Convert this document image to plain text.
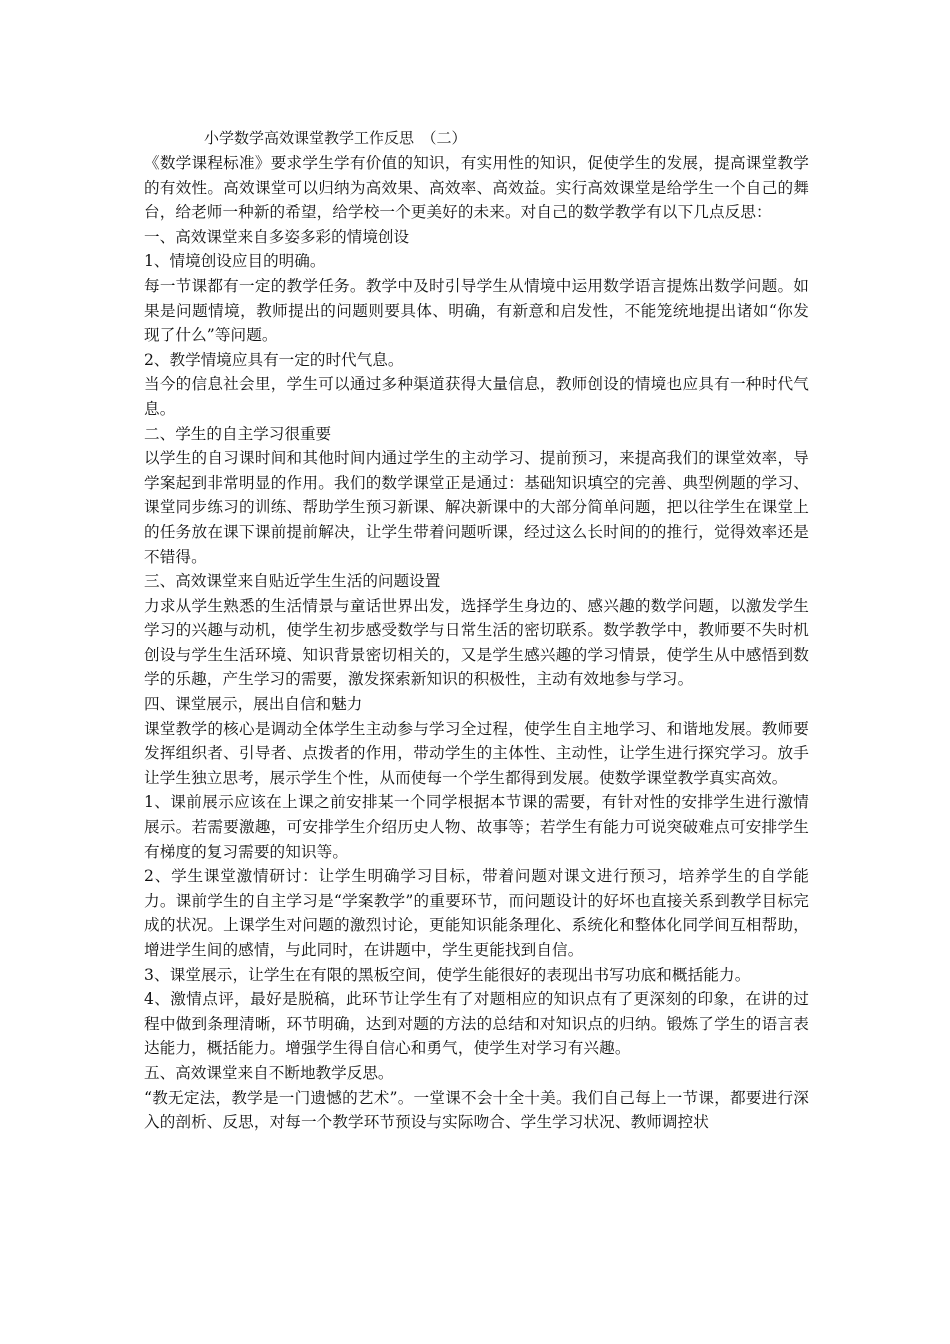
小学数学高效课堂教学工作反思　（二）
《数学课程标准》要求学生学有价值的知识，有实用性的知识，促使学生的发展，提高课堂教学的有效性。高效课堂可以归纳为高效果、高效率、高效益。实行高效课堂是给学生一个自己的舞台，给老师一种新的希望，给学校一个更美好的未来。对自己的数学教学有以下几点反思：
一、高效课堂来自多姿多彩的情境创设
1、情境创设应目的明确。
每一节课都有一定的教学任务。教学中及时引导学生从情境中运用数学语言提炼出数学问题。如果是问题情境，教师提出的问题则要具体、明确，有新意和启发性，不能笼统地提出诸如“你发现了什么”等问题。
2、教学情境应具有一定的时代气息。
当今的信息社会里，学生可以通过多种渠道获得大量信息，教师创设的情境也应具有一种时代气息。
二、学生的自主学习很重要
以学生的自习课时间和其他时间内通过学生的主动学习、提前预习，来提高我们的课堂效率，导学案起到非常明显的作用。我们的数学课堂正是通过：基础知识填空的完善、典型例题的学习、课堂同步练习的训练、帮助学生预习新课、解决新课中的大部分简单问题，把以往学生在课堂上的任务放在课下课前提前解决，让学生带着问题听课，经过这么长时间的的推行，觉得效率还是不错得。
三、高效课堂来自贴近学生生活的问题设置
力求从学生熟悉的生活情景与童话世界出发，选择学生身边的、感兴趣的数学问题，以激发学生学习的兴趣与动机，使学生初步感受数学与日常生活的密切联系。数学教学中，教师要不失时机创设与学生生活环境、知识背景密切相关的，又是学生感兴趣的学习情景，使学生从中感悟到数学的乐趣，产生学习的需要，激发探索新知识的积极性，主动有效地参与学习。
四、课堂展示，展出自信和魅力
课堂教学的核心是调动全体学生主动参与学习全过程，使学生自主地学习、和谐地发展。教师要发挥组织者、引导者、点拨者的作用，带动学生的主体性、主动性，让学生进行探究学习。放手让学生独立思考，展示学生个性，从而使每一个学生都得到发展。使数学课堂教学真实高效。
1、课前展示应该在上课之前安排某一个同学根据本节课的需要，有针对性的安排学生进行激情展示。若需要激趣，可安排学生介绍历史人物、故事等；若学生有能力可说突破难点可安排学生有梯度的复习需要的知识等。
2、学生课堂激情研讨：让学生明确学习目标，带着问题对课文进行预习，培养学生的自学能力。课前学生的自主学习是“学案教学”的重要环节，而问题设计的好坏也直接关系到教学目标完成的状况。上课学生对问题的激烈讨论，更能知识能条理化、系统化和整体化同学间互相帮助，增进学生间的感情，与此同时，在讲题中，学生更能找到自信。
3、课堂展示，让学生在有限的黑板空间，使学生能很好的表现出书写功底和概括能力。
4、激情点评，最好是脱稿，此环节让学生有了对题相应的知识点有了更深刻的印象，在讲的过程中做到条理清晰，环节明确，达到对题的方法的总结和对知识点的归纳。锻炼了学生的语言表达能力，概括能力。增强学生得自信心和勇气，使学生对学习有兴趣。
五、高效课堂来自不断地教学反思。
“教无定法，教学是一门遗憾的艺术”。一堂课不会十全十美。我们自己每上一节课，都要进行深入的剖析、反思，对每一个教学环节预设与实际吻合、学生学习状况、教师调控状
